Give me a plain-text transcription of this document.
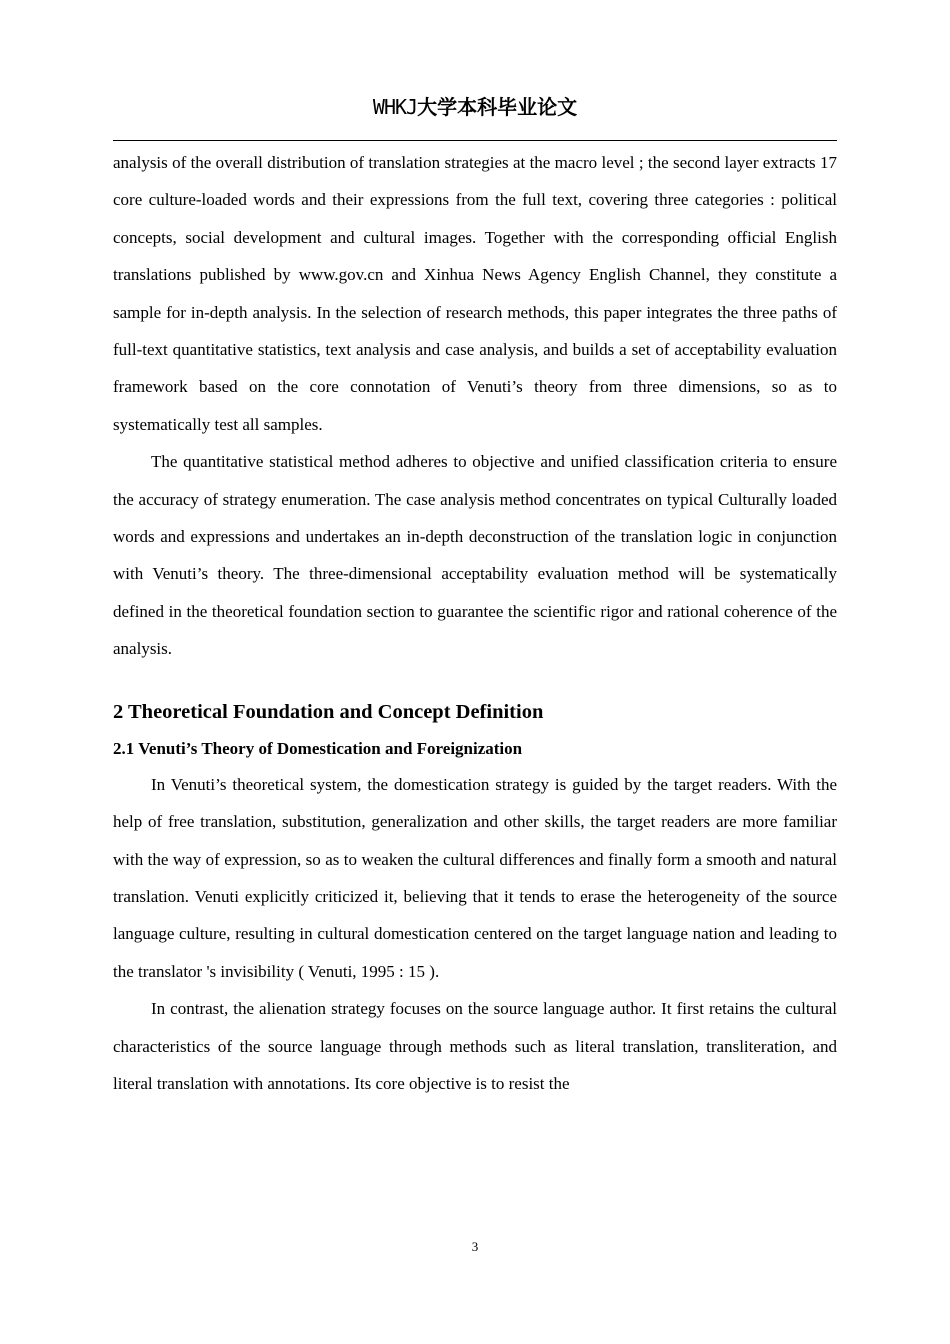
WHKJ大学本科毕业论文

analysis of the overall distribution of translation strategies at the macro level ; the second layer extracts 17 core culture-loaded words and their expressions from the full text, covering three categories : political concepts, social development and cultural images. Together with the corresponding official English translations published by www.gov.cn and Xinhua News Agency English Channel, they constitute a sample for in-depth analysis. In the selection of research methods, this paper integrates the three paths of full-text quantitative statistics, text analysis and case analysis, and builds a set of acceptability evaluation framework based on the core connotation of Venuti’s theory from three dimensions, so as to systematically test all samples.

The quantitative statistical method adheres to objective and unified classification criteria to ensure the accuracy of strategy enumeration. The case analysis method concentrates on typical Culturally loaded words and expressions and undertakes an in-depth deconstruction of the translation logic in conjunction with Venuti’s theory. The three-dimensional acceptability evaluation method will be systematically defined in the theoretical foundation section to guarantee the scientific rigor and rational coherence of the analysis.

2 Theoretical Foundation and Concept Definition
2.1 Venuti’s Theory of Domestication and Foreignization

In Venuti’s theoretical system, the domestication strategy is guided by the target readers. With the help of free translation, substitution, generalization and other skills, the target readers are more familiar with the way of expression, so as to weaken the cultural differences and finally form a smooth and natural translation. Venuti explicitly criticized it, believing that it tends to erase the heterogeneity of the source language culture, resulting in cultural domestication centered on the target language nation and leading to the translator 's invisibility ( Venuti, 1995 : 15 ).

In contrast, the alienation strategy focuses on the source language author. It first retains the cultural characteristics of the source language through methods such as literal translation, transliteration, and literal translation with annotations. Its core objective is to resist the

3
